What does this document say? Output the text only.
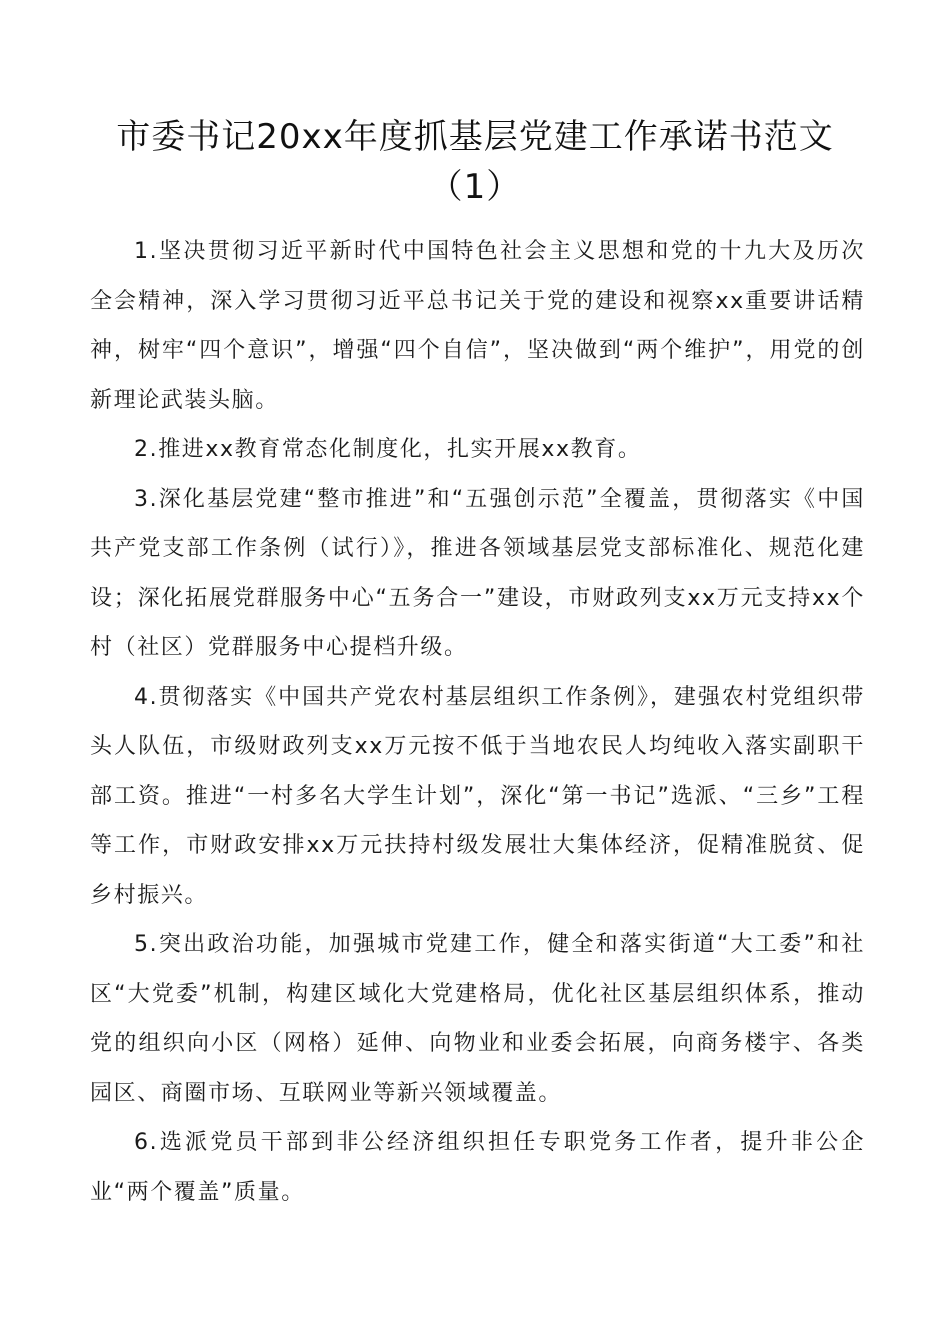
市委书记20xx年度抓基层党建工作承诺书范文（1）

1.坚决贯彻习近平新时代中国特色社会主义思想和党的十九大及历次全会精神，深入学习贯彻习近平总书记关于党的建设和视察xx重要讲话精神，树牢“四个意识”，增强“四个自信”，坚决做到“两个维护”，用党的创新理论武装头脑。

2.推进xx教育常态化制度化，扎实开展xx教育。

3.深化基层党建“整市推进”和“五强创示范”全覆盖，贯彻落实《中国共产党支部工作条例（试行）》，推进各领域基层党支部标准化、规范化建设；深化拓展党群服务中心“五务合一”建设，市财政列支xx万元支持xx个村（社区）党群服务中心提档升级。

4.贯彻落实《中国共产党农村基层组织工作条例》，建强农村党组织带头人队伍，市级财政列支xx万元按不低于当地农民人均纯收入落实副职干部工资。推进“一村多名大学生计划”，深化“第一书记”选派、“三乡”工程等工作，市财政安排xx万元扶持村级发展壮大集体经济，促精准脱贫、促乡村振兴。

5.突出政治功能，加强城市党建工作，健全和落实街道“大工委”和社区“大党委”机制，构建区域化大党建格局，优化社区基层组织体系，推动党的组织向小区（网格）延伸、向物业和业委会拓展，向商务楼宇、各类园区、商圈市场、互联网业等新兴领域覆盖。

6.选派党员干部到非公经济组织担任专职党务工作者，提升非公企业“两个覆盖”质量。
